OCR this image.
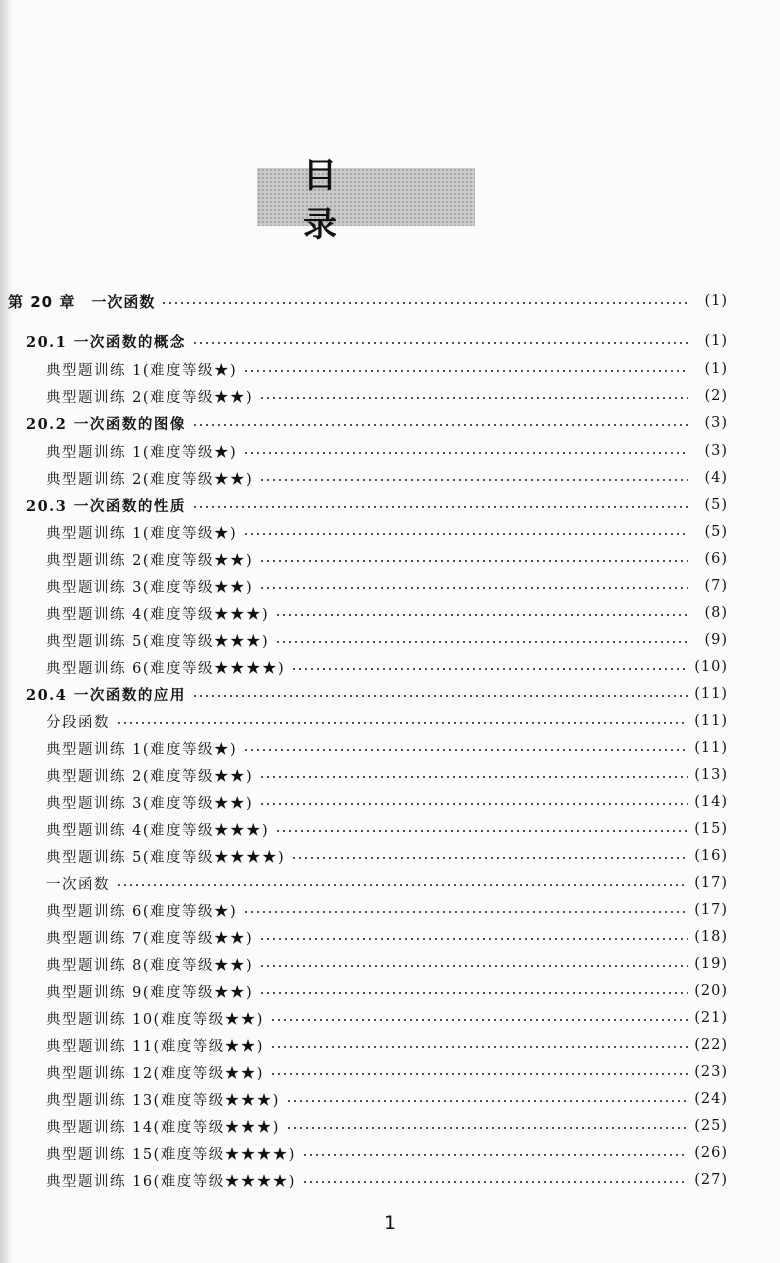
目 录
第 20 章　一次函数	(1)
20.1 一次函数的概念	(1)
典型题训练 1(难度等级★)	(1)
典型题训练 2(难度等级★★)	(2)
20.2 一次函数的图像	(3)
典型题训练 1(难度等级★)	(3)
典型题训练 2(难度等级★★)	(4)
20.3 一次函数的性质	(5)
典型题训练 1(难度等级★)	(5)
典型题训练 2(难度等级★★)	(6)
典型题训练 3(难度等级★★)	(7)
典型题训练 4(难度等级★★★)	(8)
典型题训练 5(难度等级★★★)	(9)
典型题训练 6(难度等级★★★★)	(10)
20.4 一次函数的应用	(11)
分段函数	(11)
典型题训练 1(难度等级★)	(11)
典型题训练 2(难度等级★★)	(13)
典型题训练 3(难度等级★★)	(14)
典型题训练 4(难度等级★★★)	(15)
典型题训练 5(难度等级★★★★)	(16)
一次函数	(17)
典型题训练 6(难度等级★)	(17)
典型题训练 7(难度等级★★)	(18)
典型题训练 8(难度等级★★)	(19)
典型题训练 9(难度等级★★)	(20)
典型题训练 10(难度等级★★)	(21)
典型题训练 11(难度等级★★)	(22)
典型题训练 12(难度等级★★)	(23)
典型题训练 13(难度等级★★★)	(24)
典型题训练 14(难度等级★★★)	(25)
典型题训练 15(难度等级★★★★)	(26)
典型题训练 16(难度等级★★★★)	(27)
1
